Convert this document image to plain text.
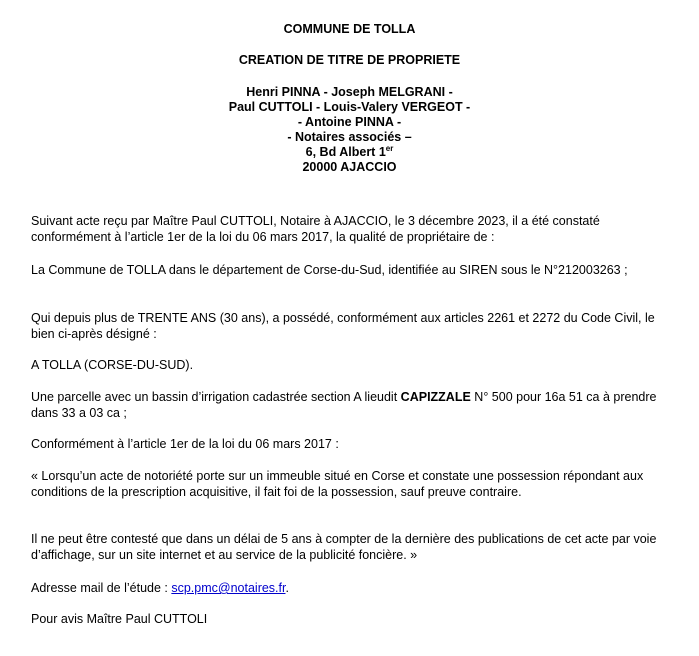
COMMUNE DE TOLLA
CREATION DE TITRE DE PROPRIETE
Henri PINNA - Joseph MELGRANI -
Paul CUTTOLI - Louis-Valery VERGEOT -
- Antoine PINNA -
- Notaires associés –
6, Bd Albert 1er
20000 AJACCIO

Suivant acte reçu par Maître Paul CUTTOLI, Notaire à AJACCIO, le 3 décembre 2023, il a été constaté conformément à l’article 1er de la loi du 06 mars 2017, la qualité de propriétaire de :

La Commune de TOLLA dans le département de Corse-du-Sud, identifiée au SIREN sous le N°212003263 ;

Qui depuis plus de TRENTE ANS (30 ans), a possédé, conformément aux articles 2261 et 2272 du Code Civil, le bien ci-après désigné :

A TOLLA (CORSE-DU-SUD).

Une parcelle avec un bassin d’irrigation cadastrée section A lieudit CAPIZZALE N° 500 pour 16a 51 ca à prendre dans 33 a 03 ca ;

Conformément à l’article 1er de la loi du 06 mars 2017 :

« Lorsqu’un acte de notoriété porte sur un immeuble situé en Corse et constate une possession répondant aux conditions de la prescription acquisitive, il fait foi de la possession, sauf preuve contraire.

Il ne peut être contesté que dans un délai de 5 ans à compter de la dernière des publications de cet acte par voie d’affichage, sur un site internet et au service de la publicité foncière. »

Adresse mail de l’étude : scp.pmc@notaires.fr.

Pour avis Maître Paul CUTTOLI
